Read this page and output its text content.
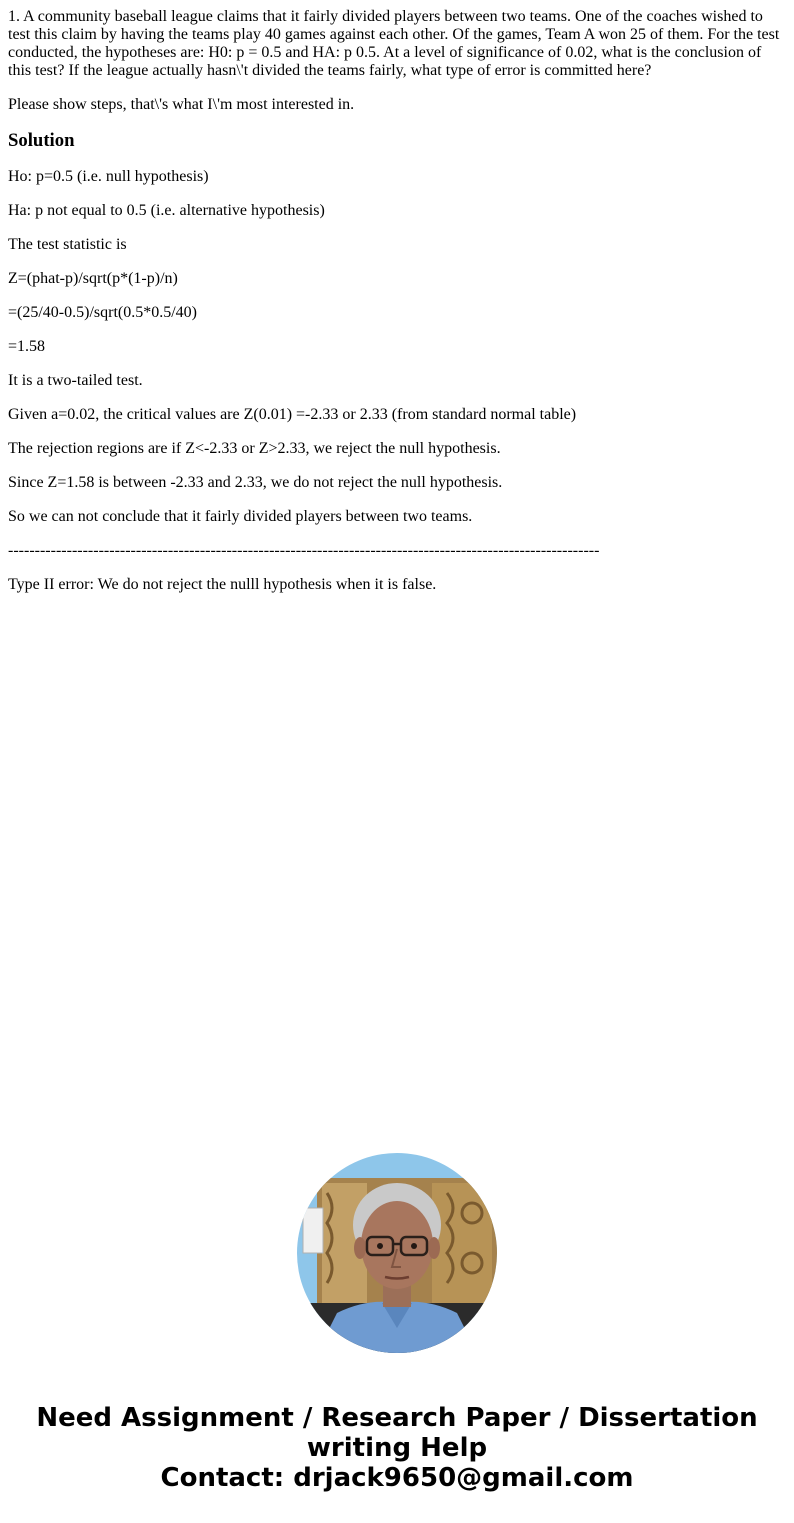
1. A community baseball league claims that it fairly divided players between two teams. One of the coaches wished to test this claim by having the teams play 40 games against each other. Of the games, Team A won 25 of them. For the test conducted, the hypotheses are: H0: p = 0.5 and HA: p 0.5. At a level of significance of 0.02, what is the conclusion of this test? If the league actually hasn\'t divided the teams fairly, what type of error is committed here?

Please show steps, that\'s what I\'m most interested in.

Solution

Ho: p=0.5 (i.e. null hypothesis)

Ha: p not equal to 0.5 (i.e. alternative hypothesis)

The test statistic is

Z=(phat-p)/sqrt(p*(1-p)/n)

=(25/40-0.5)/sqrt(0.5*0.5/40)

=1.58

It is a two-tailed test.

Given a=0.02, the critical values are Z(0.01) =-2.33 or 2.33 (from standard normal table)

The rejection regions are if Z<-2.33 or Z>2.33, we reject the null hypothesis.

Since Z=1.58 is between -2.33 and 2.33, we do not reject the null hypothesis.

So we can not conclude that it fairly divided players between two teams.

---------------------------------------------------------------------------------------------------------------

Type II error: We do not reject the nulll hypothesis when it is false.

Need Assignment / Research Paper / Dissertation
writing Help
Contact: drjack9650@gmail.com
